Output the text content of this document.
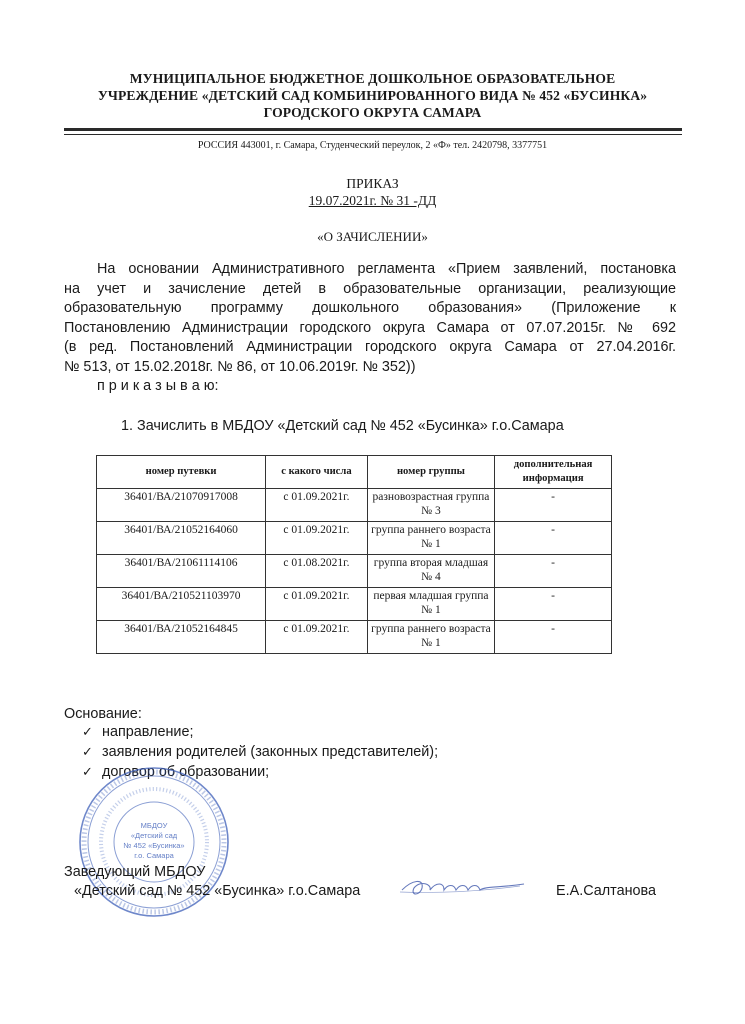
МУНИЦИПАЛЬНОЕ БЮДЖЕТНОЕ ДОШКОЛЬНОЕ ОБРАЗОВАТЕЛЬНОЕ
УЧРЕЖДЕНИЕ «ДЕТСКИЙ САД КОМБИНИРОВАННОГО ВИДА № 452 «БУСИНКА»
ГОРОДСКОГО ОКРУГА САМАРА
РОССИЯ 443001, г. Самара, Студенческий переулок, 2 «Ф» тел. 2420798, 3377751
ПРИКАЗ
19.07.2021г. № 31 -ДД
«О ЗАЧИСЛЕНИИ»
На основании Административного регламента «Прием заявлений, постановка
на учет и зачисление детей в образовательные организации, реализующие
образовательную программу дошкольного образования» (Приложение к
Постановлению Администрации городского округа Самара от 07.07.2015г. № 692
(в ред. Постановлений Администрации городского округа Самара от 27.04.2016г.
№ 513, от 15.02.2018г. № 86, от 10.06.2019г. № 352))
п р и к а з ы в а ю:
1. Зачислить в МБДОУ «Детский сад № 452 «Бусинка» г.о.Самара
номер путевки	с какого числа	номер группы	дополнительная информация
36401/ВА/21070917008	с 01.09.2021г.	разновозрастная группа № 3	-
36401/ВА/21052164060	с 01.09.2021г.	группа раннего возраста № 1	-
36401/ВА/21061114106	с 01.08.2021г.	группа вторая младшая № 4	-
36401/ВА/210521103970	с 01.09.2021г.	первая младшая группа № 1	-
36401/ВА/21052164845	с 01.09.2021г.	группа раннего возраста № 1	-
Основание:
✓ направление;
✓ заявления родителей (законных представителей);
✓ договор об образовании;
МБДОУ
«Детский сад
№ 452 «Бусинка»
г.о. Самара
Заведующий МБДОУ
«Детский сад № 452 «Бусинка» г.о.Самара	Е.А.Салтанова
